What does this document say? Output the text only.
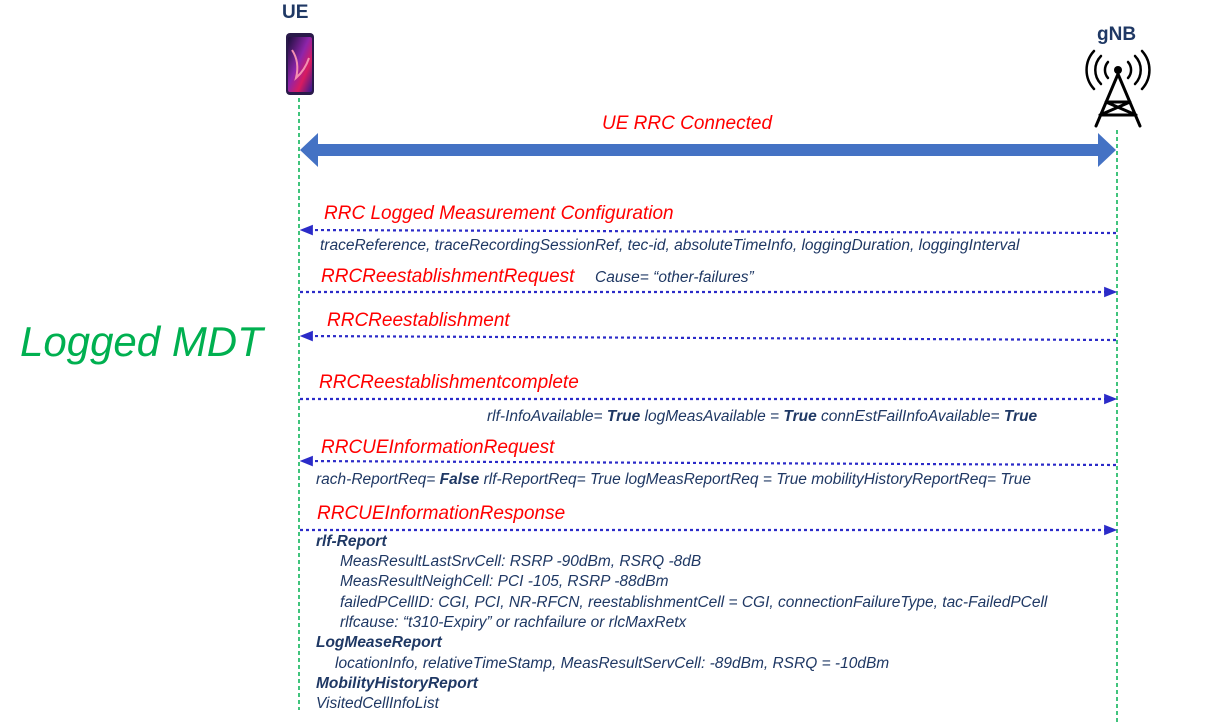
UE
gNB
Logged MDT
UE RRC Connected
RRC Logged Measurement Configuration
traceReference, traceRecordingSessionRef, tec-id, absoluteTimeInfo, loggingDuration, loggingInterval
RRCReestablishmentRequest Cause= “other-failures”
RRCReestablishment
RRCReestablishmentcomplete
rlf-InfoAvailable= True logMeasAvailable = True connEstFailInfoAvailable= True
RRCUEInformationRequest
rach-ReportReq= False rlf-ReportReq= True logMeasReportReq = True mobilityHistoryReportReq= True
RRCUEInformationResponse
rlf-Report
MeasResultLastSrvCell: RSRP -90dBm, RSRQ -8dB
MeasResultNeighCell: PCI -105, RSRP -88dBm
failedPCellID: CGI, PCI, NR-RFCN, reestablishmentCell = CGI, connectionFailureType, tac-FailedPCell
rlfcause: “t310-Expiry” or rachfailure or rlcMaxRetx
LogMeaseReport
locationInfo, relativeTimeStamp, MeasResultServCell: -89dBm, RSRQ = -10dBm
MobilityHistoryReport
VisitedCellInfoList
